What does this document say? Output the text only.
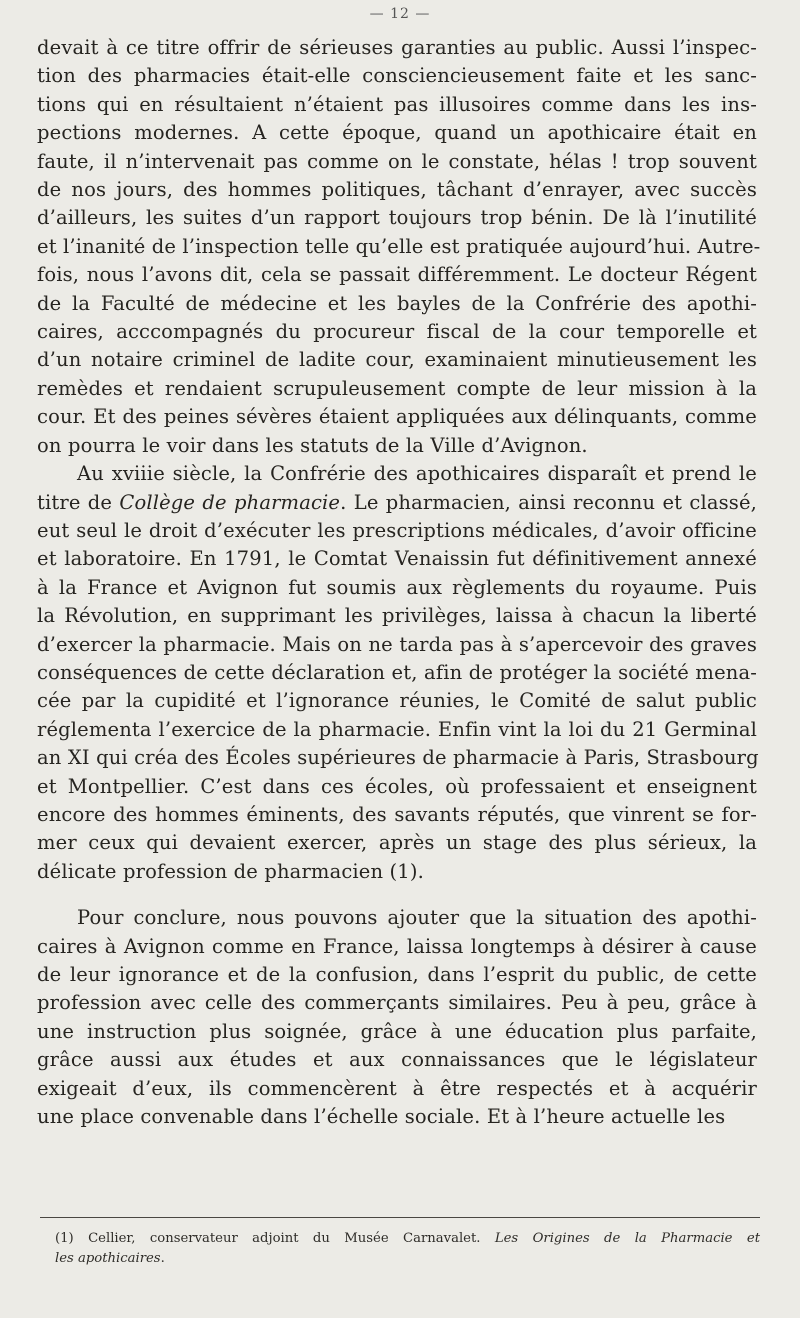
— 12 —
devait à ce titre offrir de sérieuses garanties au public. Aussi l’inspec-
tion des pharmacies était-elle consciencieusement faite et les sanc-
tions qui en résultaient n’étaient pas illusoires comme dans les ins-
pections modernes. A cette époque, quand un apothicaire était en
faute, il n’intervenait pas comme on le constate, hélas ! trop souvent
de nos jours, des hommes politiques, tâchant d’enrayer, avec succès
d’ailleurs, les suites d’un rapport toujours trop bénin. De là l’inutilité
et l’inanité de l’inspection telle qu’elle est pratiquée aujourd’hui. Autre-
fois, nous l’avons dit, cela se passait différemment. Le docteur Régent
de la Faculté de médecine et les bayles de la Confrérie des apothi-
caires, acccompagnés du procureur fiscal de la cour temporelle et
d’un notaire criminel de ladite cour, examinaient minutieusement les
remèdes et rendaient scrupuleusement compte de leur mission à la
cour. Et des peines sévères étaient appliquées aux délinquants, comme
on pourra le voir dans les statuts de la Ville d’Avignon.
Au xviiie siècle, la Confrérie des apothicaires disparaît et prend le
titre de Collège de pharmacie. Le pharmacien, ainsi reconnu et classé,
eut seul le droit d’exécuter les prescriptions médicales, d’avoir officine
et laboratoire. En 1791, le Comtat Venaissin fut définitivement annexé
à la France et Avignon fut soumis aux règlements du royaume. Puis
la Révolution, en supprimant les privilèges, laissa à chacun la liberté
d’exercer la pharmacie. Mais on ne tarda pas à s’apercevoir des graves
conséquences de cette déclaration et, afin de protéger la société mena-
cée par la cupidité et l’ignorance réunies, le Comité de salut public
réglementa l’exercice de la pharmacie. Enfin vint la loi du 21 Germinal
an XI qui créa des Écoles supérieures de pharmacie à Paris, Strasbourg
et Montpellier. C’est dans ces écoles, où professaient et enseignent
encore des hommes éminents, des savants réputés, que vinrent se for-
mer ceux qui devaient exercer, après un stage des plus sérieux, la
délicate profession de pharmacien (1).
Pour conclure, nous pouvons ajouter que la situation des apothi-
caires à Avignon comme en France, laissa longtemps à désirer à cause
de leur ignorance et de la confusion, dans l’esprit du public, de cette
profession avec celle des commerçants similaires. Peu à peu, grâce à
une instruction plus soignée, grâce à une éducation plus parfaite,
grâce aussi aux études et aux connaissances que le législateur
exigeait d’eux, ils commencèrent à être respectés et à acquérir
une place convenable dans l’échelle sociale. Et à l’heure actuelle les
(1) Cellier, conservateur adjoint du Musée Carnavalet. Les Origines de la Pharmacie et
les apothicaires.
